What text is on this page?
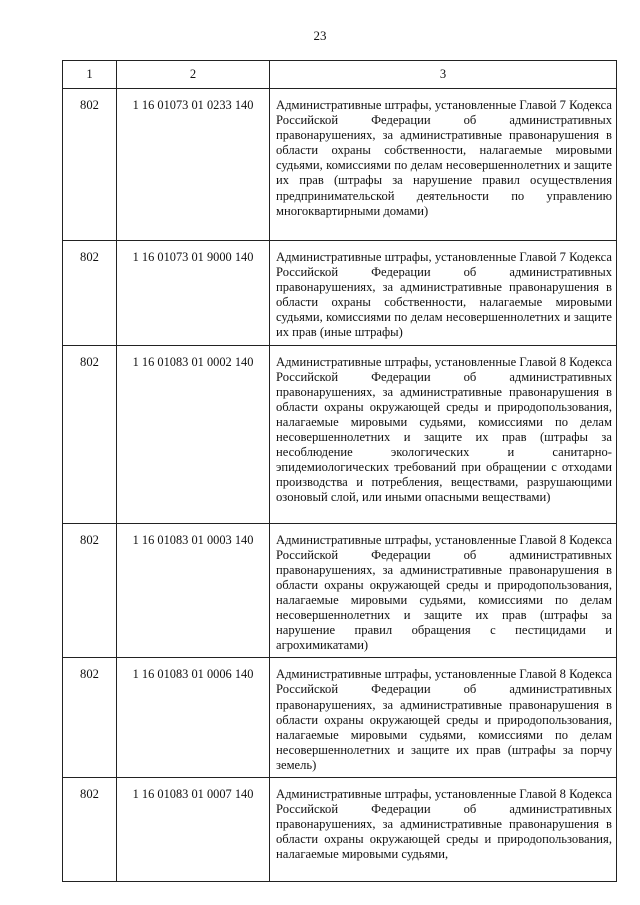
23
1	2	3
802	1 16 01073 01 0233 140	Административные штрафы, установленные Главой 7 Кодекса Российской Федерации об административных правонарушениях, за административные правонарушения в области охраны собственности, налагаемые мировыми судьями, комиссиями по делам несовершеннолетних и защите их прав (штрафы за нарушение правил осуществления предпринимательской деятельности по управлению многоквартирными домами)
802	1 16 01073 01 9000 140	Административные штрафы, установленные Главой 7 Кодекса Российской Федерации об административных правонарушениях, за административные правонарушения в области охраны собственности, налагаемые мировыми судьями, комиссиями по делам несовершеннолетних и защите их прав (иные штрафы)
802	1 16 01083 01 0002 140	Административные штрафы, установленные Главой 8 Кодекса Российской Федерации об административных правонарушениях, за административные правонарушения в области охраны окружающей среды и природопользования, налагаемые мировыми судьями, комиссиями по делам несовершеннолетних и защите их прав (штрафы за несоблюдение экологических и санитарно-эпидемиологических требований при обращении с отходами производства и потребления, веществами, разрушающими озоновый слой, или иными опасными веществами)
802	1 16 01083 01 0003 140	Административные штрафы, установленные Главой 8 Кодекса Российской Федерации об административных правонарушениях, за административные правонарушения в области охраны окружающей среды и природопользования, налагаемые мировыми судьями, комиссиями по делам несовершеннолетних и защите их прав (штрафы за нарушение правил обращения с пестицидами и агрохимикатами)
802	1 16 01083 01 0006 140	Административные штрафы, установленные Главой 8 Кодекса Российской Федерации об административных правонарушениях, за административные правонарушения в области охраны окружающей среды и природопользования, налагаемые мировыми судьями, комиссиями по делам несовершеннолетних и защите их прав (штрафы за порчу земель)
802	1 16 01083 01 0007 140	Административные штрафы, установленные Главой 8 Кодекса Российской Федерации об административных правонарушениях, за административные правонарушения в области охраны окружающей среды и природопользования, налагаемые мировыми судьями,
